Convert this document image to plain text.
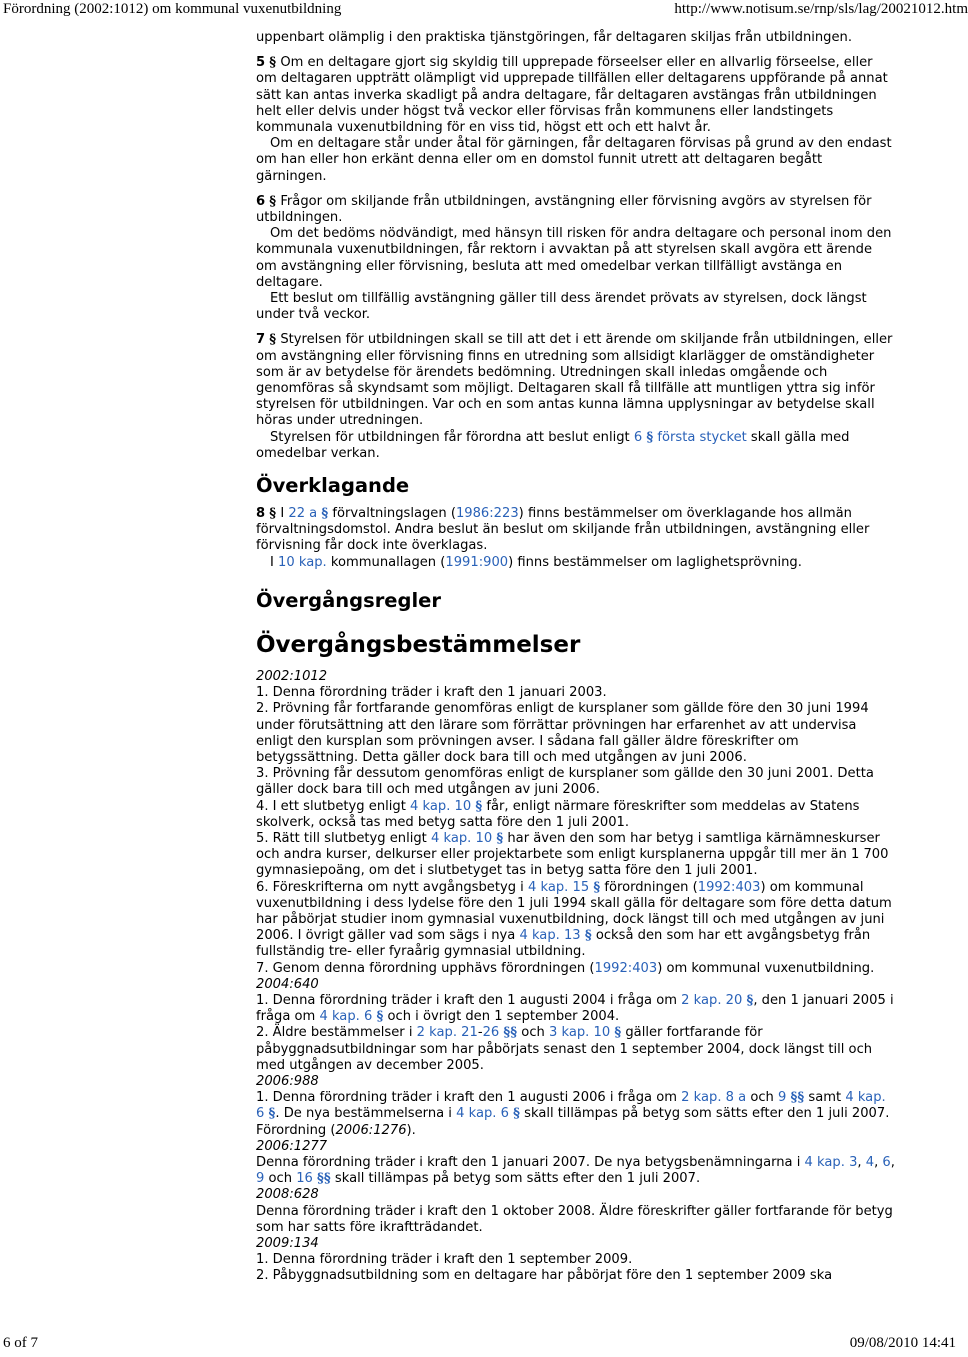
Förordning (2002:1012) om kommunal vuxenutbildning	http://www.notisum.se/rnp/sls/lag/20021012.htm

uppenbart olämplig i den praktiska tjänstgöringen, får deltagaren skiljas från utbildningen.

5 § Om en deltagare gjort sig skyldig till upprepade förseelser eller en allvarlig förseelse, eller om deltagaren uppträtt olämpligt vid upprepade tillfällen eller deltagarens uppförande på annat sätt kan antas inverka skadligt på andra deltagare, får deltagaren avstängas från utbildningen helt eller delvis under högst två veckor eller förvisas från kommunens eller landstingets kommunala vuxenutbildning för en viss tid, högst ett och ett halvt år.

Om en deltagare står under åtal för gärningen, får deltagaren förvisas på grund av den endast om han eller hon erkänt denna eller om en domstol funnit utrett att deltagaren begått gärningen.

6 § Frågor om skiljande från utbildningen, avstängning eller förvisning avgörs av styrelsen för utbildningen.

Om det bedöms nödvändigt, med hänsyn till risken för andra deltagare och personal inom den kommunala vuxenutbildningen, får rektorn i avvaktan på att styrelsen skall avgöra ett ärende om avstängning eller förvisning, besluta att med omedelbar verkan tillfälligt avstänga en deltagare.

Ett beslut om tillfällig avstängning gäller till dess ärendet prövats av styrelsen, dock längst under två veckor.

7 § Styrelsen för utbildningen skall se till att det i ett ärende om skiljande från utbildningen, eller om avstängning eller förvisning finns en utredning som allsidigt klarlägger de omständigheter som är av betydelse för ärendets bedömning. Utredningen skall inledas omgående och genomföras så skyndsamt som möjligt. Deltagaren skall få tillfälle att muntligen yttra sig inför styrelsen för utbildningen. Var och en som antas kunna lämna upplysningar av betydelse skall höras under utredningen.

Styrelsen för utbildningen får förordna att beslut enligt 6 § första stycket skall gälla med omedelbar verkan.

Överklagande

8 § I 22 a § förvaltningslagen (1986:223) finns bestämmelser om överklagande hos allmän förvaltningsdomstol. Andra beslut än beslut om skiljande från utbildningen, avstängning eller förvisning får dock inte överklagas.

I 10 kap. kommunallagen (1991:900) finns bestämmelser om laglighetsprövning.

Övergångsregler
Övergångsbestämmelser

2002:1012

1. Denna förordning träder i kraft den 1 januari 2003.

2. Prövning får fortfarande genomföras enligt de kursplaner som gällde före den 30 juni 1994 under förutsättning att den lärare som förrättar prövningen har erfarenhet av att undervisa enligt den kursplan som prövningen avser. I sådana fall gäller äldre föreskrifter om betygssättning. Detta gäller dock bara till och med utgången av juni 2006.

3. Prövning får dessutom genomföras enligt de kursplaner som gällde den 30 juni 2001. Detta gäller dock bara till och med utgången av juni 2006.

4. I ett slutbetyg enligt 4 kap. 10 § får, enligt närmare föreskrifter som meddelas av Statens skolverk, också tas med betyg satta före den 1 juli 2001.

5. Rätt till slutbetyg enligt 4 kap. 10 § har även den som har betyg i samtliga kärnämneskurser och andra kurser, delkurser eller projektarbete som enligt kursplanerna uppgår till mer än 1 700 gymnasiepoäng, om det i slutbetyget tas in betyg satta före den 1 juli 2001.

6. Föreskrifterna om nytt avgångsbetyg i 4 kap. 15 § förordningen (1992:403) om kommunal vuxenutbildning i dess lydelse före den 1 juli 1994 skall gälla för deltagare som före detta datum har påbörjat studier inom gymnasial vuxenutbildning, dock längst till och med utgången av juni 2006. I övrigt gäller vad som sägs i nya 4 kap. 13 § också den som har ett avgångsbetyg från fullständig tre- eller fyraårig gymnasial utbildning.

7. Genom denna förordning upphävs förordningen (1992:403) om kommunal vuxenutbildning.

2004:640

1. Denna förordning träder i kraft den 1 augusti 2004 i fråga om 2 kap. 20 §, den 1 januari 2005 i fråga om 4 kap. 6 § och i övrigt den 1 september 2004.

2. Äldre bestämmelser i 2 kap. 21-26 §§ och 3 kap. 10 § gäller fortfarande för påbyggnadsutbildningar som har påbörjats senast den 1 september 2004, dock längst till och med utgången av december 2005.

2006:988

1. Denna förordning träder i kraft den 1 augusti 2006 i fråga om 2 kap. 8 a och 9 §§ samt 4 kap. 6 §. De nya bestämmelserna i 4 kap. 6 § skall tillämpas på betyg som sätts efter den 1 juli 2007. Förordning (2006:1276).

2006:1277

Denna förordning träder i kraft den 1 januari 2007. De nya betygsbenämningarna i 4 kap. 3, 4, 6, 9 och 16 §§ skall tillämpas på betyg som sätts efter den 1 juli 2007.

2008:628

Denna förordning träder i kraft den 1 oktober 2008. Äldre föreskrifter gäller fortfarande för betyg som har satts före ikraftträdandet.

2009:134

1. Denna förordning träder i kraft den 1 september 2009.

2. Påbyggnadsutbildning som en deltagare har påbörjat före den 1 september 2009 ska

6 of 7	09/08/2010 14:41
